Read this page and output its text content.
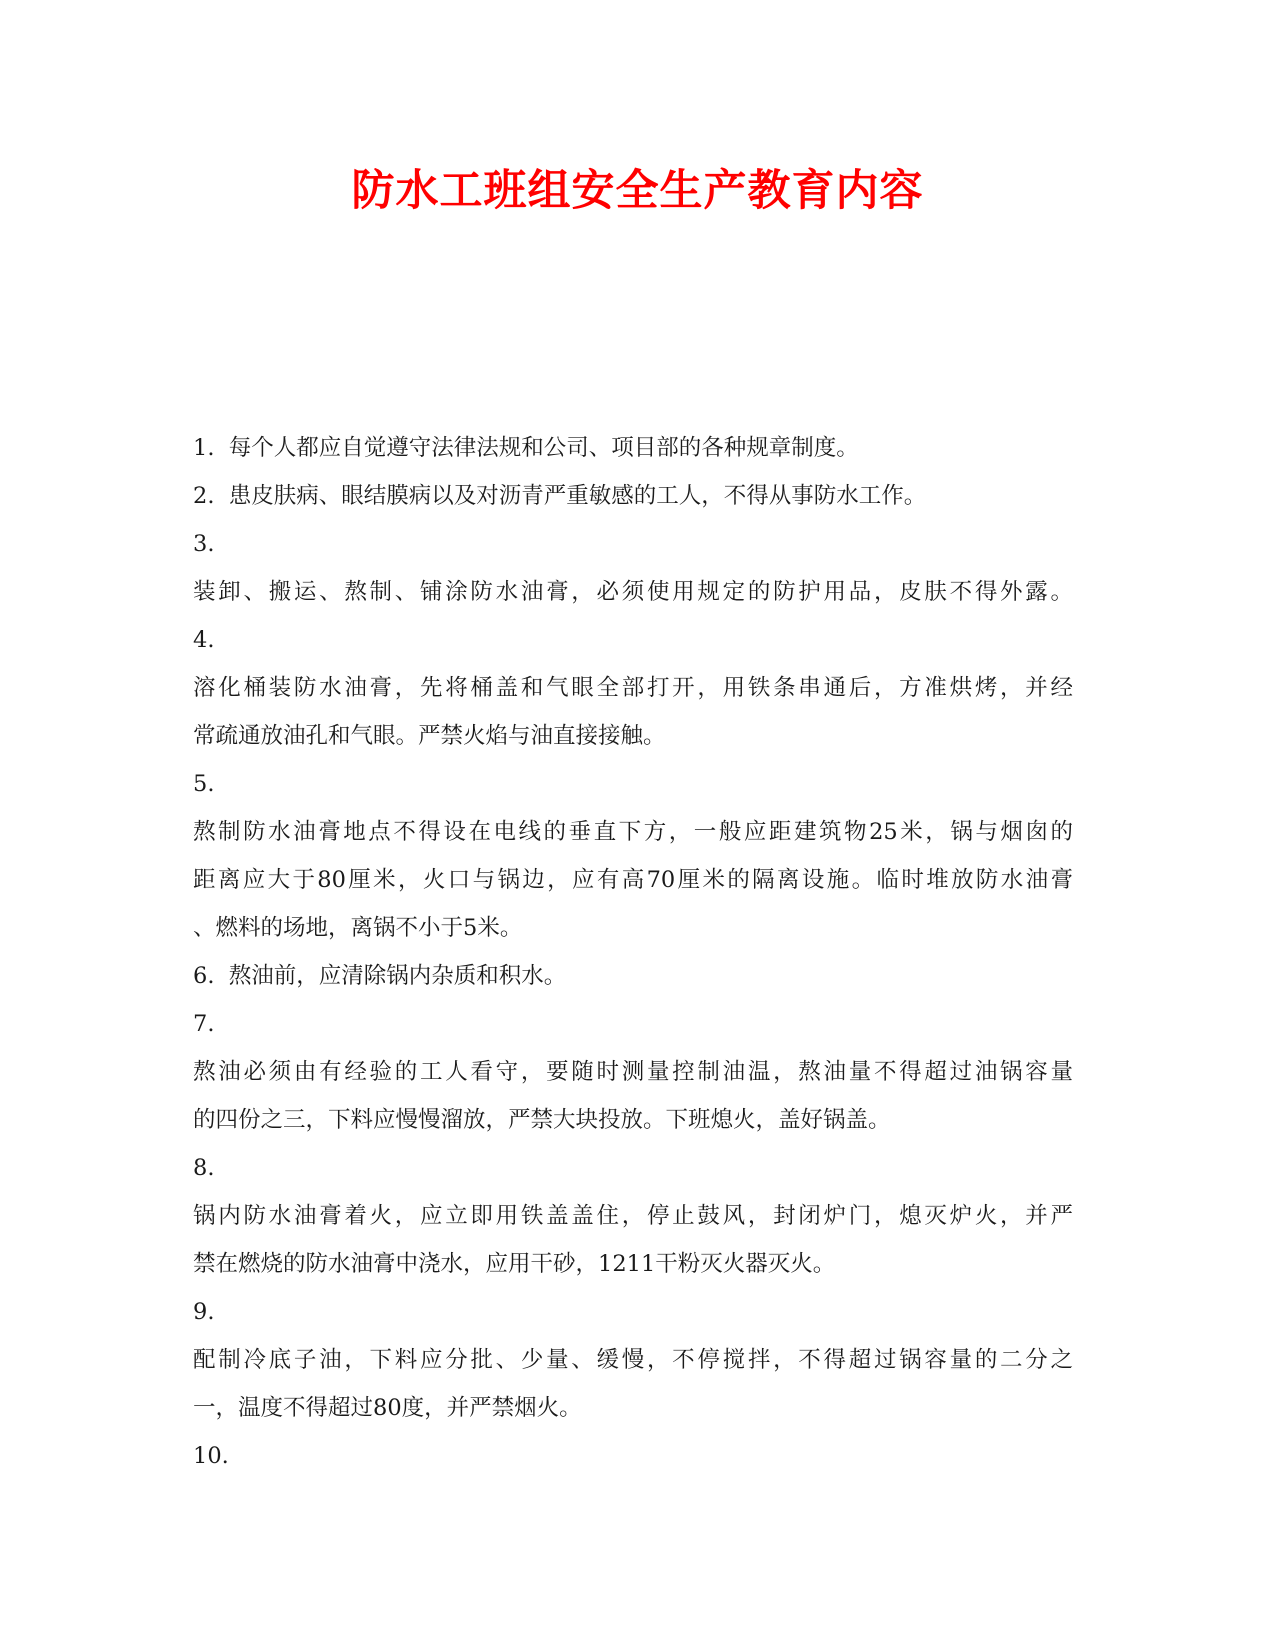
防水工班组安全生产教育内容
1.  每个人都应自觉遵守法律法规和公司、项目部的各种规章制度。
2.  患皮肤病、眼结膜病以及对沥青严重敏感的工人，不得从事防水工作。
3.
装卸、搬运、熬制、铺涂防水油膏，必须使用规定的防护用品，皮肤不得外露。
4.
溶化桶装防水油膏，先将桶盖和气眼全部打开，用铁条串通后，方准烘烤，并经
常疏通放油孔和气眼。严禁火焰与油直接接触。
5.
熬制防水油膏地点不得设在电线的垂直下方，一般应距建筑物25米，锅与烟囱的
距离应大于80厘米，火口与锅边，应有高70厘米的隔离设施。临时堆放防水油膏
、燃料的场地，离锅不小于5米。
6.  熬油前，应清除锅内杂质和积水。
7.
熬油必须由有经验的工人看守，要随时测量控制油温，熬油量不得超过油锅容量
的四份之三，下料应慢慢溜放，严禁大块投放。下班熄火，盖好锅盖。
8.
锅内防水油膏着火，应立即用铁盖盖住，停止鼓风，封闭炉门，熄灭炉火，并严
禁在燃烧的防水油膏中浇水，应用干砂，1211干粉灭火器灭火。
9.
配制冷底子油，下料应分批、少量、缓慢，不停搅拌，不得超过锅容量的二分之
一，温度不得超过80度，并严禁烟火。
10.
